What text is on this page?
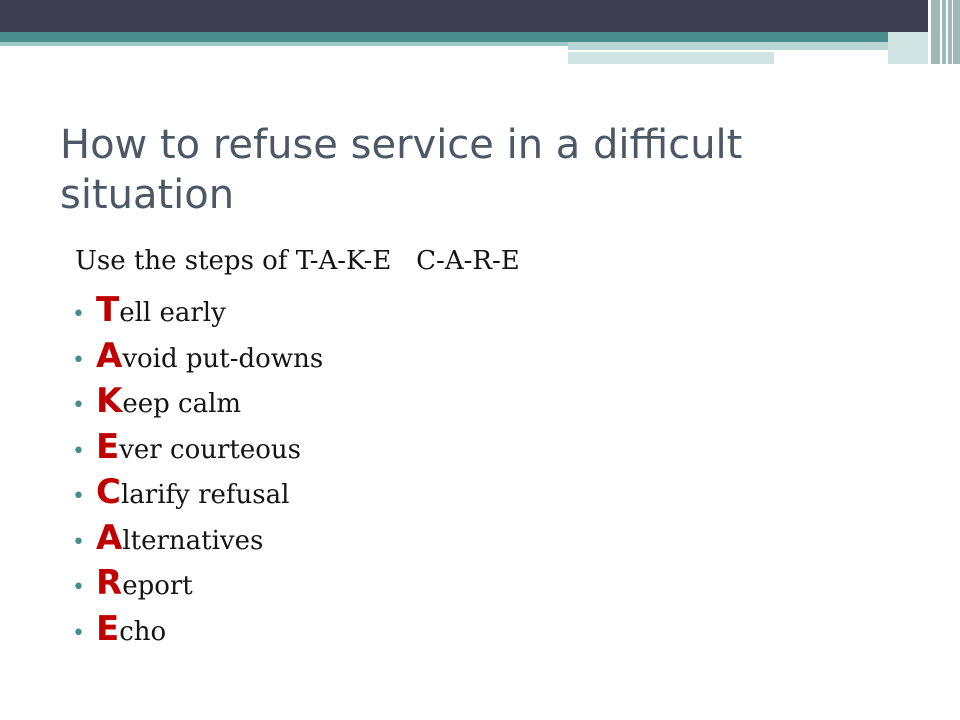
How to refuse service in a difficult situation

Use the steps of T-A-K-E   C-A-R-E

• T ell early
• A void put-downs
• K eep calm
• E ver courteous
• C larify refusal
• A lternatives
• R eport
• E cho
